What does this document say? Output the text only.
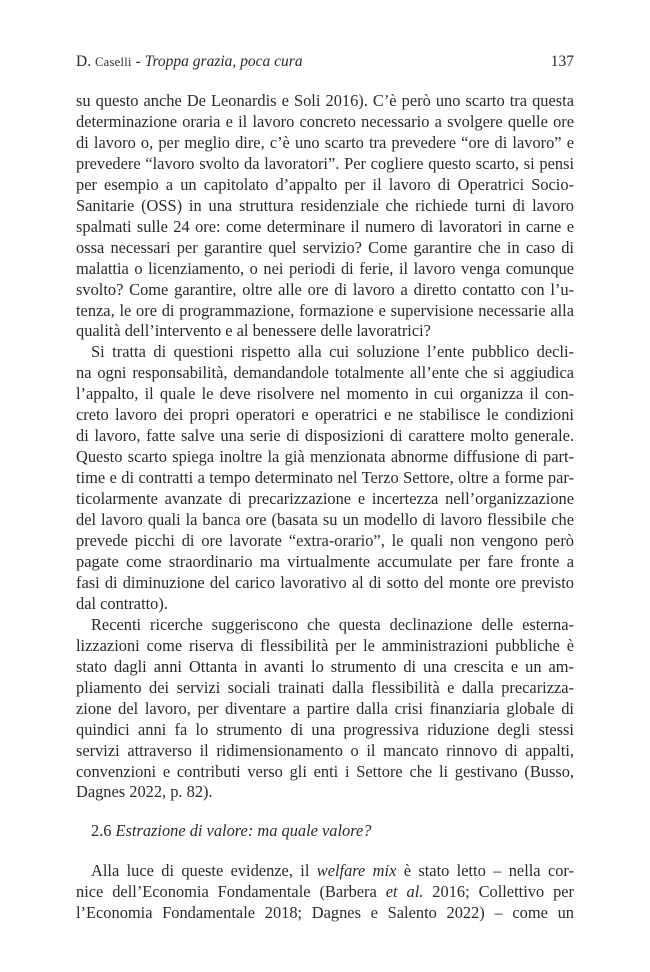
D. Caselli - Troppa grazia, poca cura	137
su questo anche De Leonardis e Soli 2016). C’è però uno scarto tra questa
determinazione oraria e il lavoro concreto necessario a svolgere quelle ore
di lavoro o, per meglio dire, c’è uno scarto tra prevedere “ore di lavoro” e
prevedere “lavoro svolto da lavoratori”. Per cogliere questo scarto, si pensi
per esempio a un capitolato d’appalto per il lavoro di Operatrici Socio-
Sanitarie (OSS) in una struttura residenziale che richiede turni di lavoro
spalmati sulle 24 ore: come determinare il numero di lavoratori in carne e
ossa necessari per garantire quel servizio? Come garantire che in caso di
malattia o licenziamento, o nei periodi di ferie, il lavoro venga comunque
svolto? Come garantire, oltre alle ore di lavoro a diretto contatto con l’u-
tenza, le ore di programmazione, formazione e supervisione necessarie alla
qualità dell’intervento e al benessere delle lavoratrici?
Si tratta di questioni rispetto alla cui soluzione l’ente pubblico decli-
na ogni responsabilità, demandandole totalmente all’ente che si aggiudica
l’appalto, il quale le deve risolvere nel momento in cui organizza il con-
creto lavoro dei propri operatori e operatrici e ne stabilisce le condizioni
di lavoro, fatte salve una serie di disposizioni di carattere molto generale.
Questo scarto spiega inoltre la già menzionata abnorme diffusione di part-
time e di contratti a tempo determinato nel Terzo Settore, oltre a forme par-
ticolarmente avanzate di precarizzazione e incertezza nell’organizzazione
del lavoro quali la banca ore (basata su un modello di lavoro flessibile che
prevede picchi di ore lavorate “extra-orario”, le quali non vengono però
pagate come straordinario ma virtualmente accumulate per fare fronte a
fasi di diminuzione del carico lavorativo al di sotto del monte ore previsto
dal contratto).
Recenti ricerche suggeriscono che questa declinazione delle esterna-
lizzazioni come riserva di flessibilità per le amministrazioni pubbliche è
stato dagli anni Ottanta in avanti lo strumento di una crescita e un am-
pliamento dei servizi sociali trainati dalla flessibilità e dalla precarizza-
zione del lavoro, per diventare a partire dalla crisi finanziaria globale di
quindici anni fa lo strumento di una progressiva riduzione degli stessi
servizi attraverso il ridimensionamento o il mancato rinnovo di appalti,
convenzioni e contributi verso gli enti i Settore che li gestivano (Busso,
Dagnes 2022, p. 82).
2.6 Estrazione di valore: ma quale valore?
Alla luce di queste evidenze, il welfare mix è stato letto – nella cor-
nice dell’Economia Fondamentale (Barbera et al. 2016; Collettivo per
l’Economia Fondamentale 2018; Dagnes e Salento 2022) – come un
